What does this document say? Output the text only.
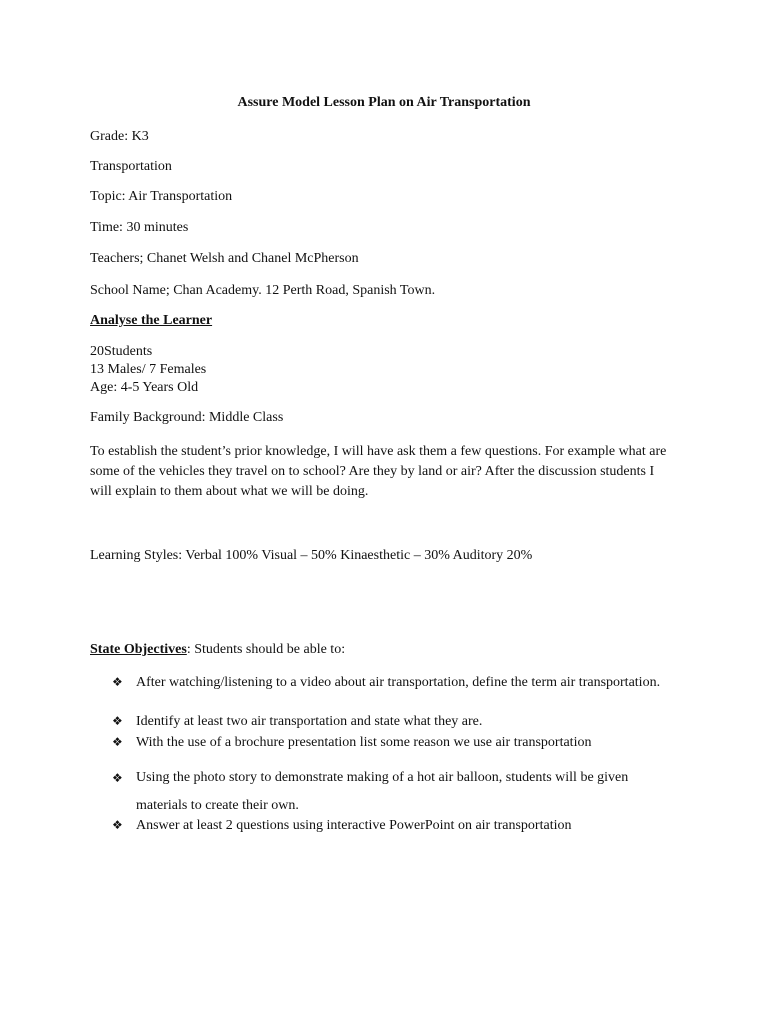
Assure Model Lesson Plan on Air Transportation
Grade: K3
Transportation
Topic: Air Transportation
Time: 30 minutes
Teachers; Chanet Welsh and Chanel McPherson
School Name; Chan Academy. 12 Perth Road, Spanish Town.
Analyse the Learner
20Students
13 Males/ 7 Females
Age: 4-5 Years Old
Family Background: Middle Class
To establish the student’s prior knowledge, I will have ask them a few questions. For example what are some of the vehicles they travel on to school? Are they by land or air? After the discussion students I will explain to them about what we will be doing.
Learning Styles: Verbal 100% Visual – 50% Kinaesthetic – 30% Auditory 20%
State Objectives: Students should be able to:
❖ After watching/listening to a video about air transportation, define the term air transportation.
❖ Identify at least two air transportation and state what they are.
❖ With the use of a brochure presentation list some reason we use air transportation
❖ Using the photo story to demonstrate making of a hot air balloon, students will be given materials to create their own.
❖ Answer at least 2 questions using interactive PowerPoint on air transportation
